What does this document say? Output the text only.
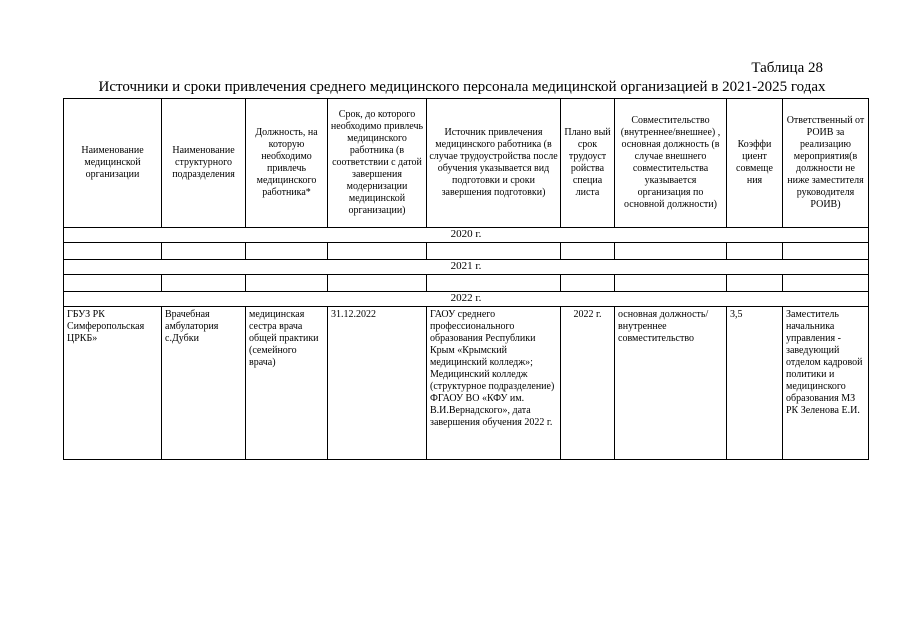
Таблица 28
Источники и сроки привлечения среднего медицинского персонала медицинской организацией в 2021-2025 годах
Наименование медицинской организации	Наименование структурного подразделения	Должность, на которую необходимо привлечь медицинского работника*	Срок, до которого необходимо привлечь медицинского работника (в соответствии с датой завершения модернизации медицинской организации)	Источник привлечения медицинского работника (в случае трудоустройства после обучения указывается вид подготовки и сроки завершения подготовки)	Плано вый срок трудоуст ройства специа листа	Совместительство (внутреннее/внешнее) , основная должность (в случае внешнего совместительства указывается организация по основной должности)	Коэффи циент совмеще ния	Ответственный от РОИВ за реализацию мероприятия(в должности не ниже заместителя руководителя РОИВ)
2020 г.								

2021 г.								

2022 г.								
ГБУЗ РК Симферопольская ЦРКБ»	Врачебная амбулатория с.Дубки	медицинская сестра врача общей практики (семейного врача)	31.12.2022	ГАОУ среднего профессионального образования Республики Крым «Крымский медицинский колледж»; Медицинский колледж (структурное подразделение) ФГАОУ ВО «КФУ им. В.И.Вернадского», дата завершения обучения 2022 г.	2022 г.	основная должность/ внутреннее совместительство	3,5	Заместитель начальника управления - заведующий отделом кадровой политики и медицинского образования МЗ РК Зеленова Е.И.
